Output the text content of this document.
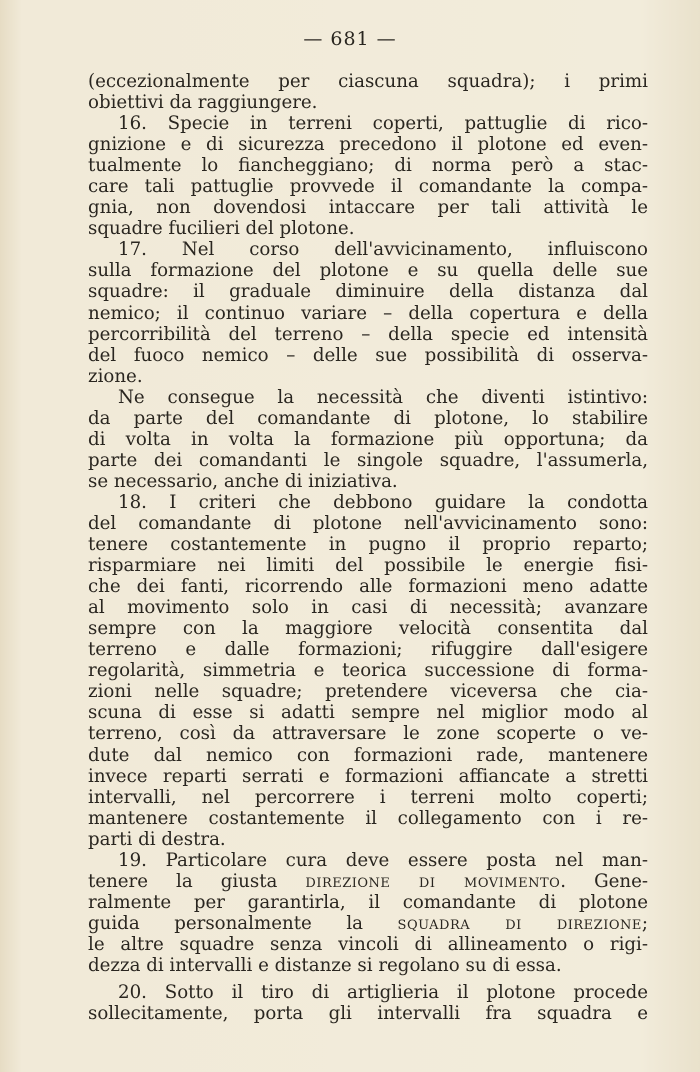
— 681 —
(eccezionalmente per ciascuna squadra); i primi
obiettivi da raggiungere.
16. Specie in terreni coperti, pattuglie di rico-
gnizione e di sicurezza precedono il plotone ed even-
tualmente lo fiancheggiano; di norma però a stac-
care tali pattuglie provvede il comandante la compa-
gnia, non dovendosi intaccare per tali attività le
squadre fucilieri del plotone.
17. Nel corso dell'avvicinamento, influiscono
sulla formazione del plotone e su quella delle sue
squadre: il graduale diminuire della distanza dal
nemico; il continuo variare – della copertura e della
percorribilità del terreno – della specie ed intensità
del fuoco nemico – delle sue possibilità di osserva-
zione.
Ne consegue la necessità che diventi istintivo:
da parte del comandante di plotone, lo stabilire
di volta in volta la formazione più opportuna; da
parte dei comandanti le singole squadre, l'assumerla,
se necessario, anche di iniziativa.
18. I criteri che debbono guidare la condotta
del comandante di plotone nell'avvicinamento sono:
tenere costantemente in pugno il proprio reparto;
risparmiare nei limiti del possibile le energie fisi-
che dei fanti, ricorrendo alle formazioni meno adatte
al movimento solo in casi di necessità; avanzare
sempre con la maggiore velocità consentita dal
terreno e dalle formazioni; rifuggire dall'esigere
regolarità, simmetria e teorica successione di forma-
zioni nelle squadre; pretendere viceversa che cia-
scuna di esse si adatti sempre nel miglior modo al
terreno, così da attraversare le zone scoperte o ve-
dute dal nemico con formazioni rade, mantenere
invece reparti serrati e formazioni affiancate a stretti
intervalli, nel percorrere i terreni molto coperti;
mantenere costantemente il collegamento con i re-
parti di destra.
19. Particolare cura deve essere posta nel man-
tenere la giusta direzione di movimento. Gene-
ralmente per garantirla, il comandante di plotone
guida personalmente la squadra di direzione;
le altre squadre senza vincoli di allineamento o rigi-
dezza di intervalli e distanze si regolano su di essa.
20. Sotto il tiro di artiglieria il plotone procede
sollecitamente, porta gli intervalli fra squadra e
